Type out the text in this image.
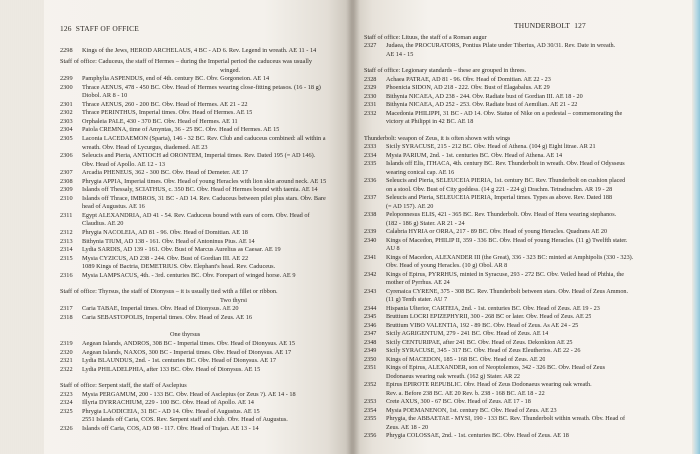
126 STAFF OF OFFICE
2298	Kings of the Jews, HEROD ARCHELAUS, 4 BC - AD 6. Rev. Legend in wreath. AE 11 - 14
Staff of office: Caduceus, the staff of Hermes – during the Imperial period the caduceus was usually
winged.
2299	Pamphylia ASPENDUS, end of 4th. century BC. Obv. Gorgoneion. AE 14
2300	Thrace AENUS, 478 - 450 BC. Obv. Head of Hermes wearing close-fitting petasos. (16 - 18 g)
Diobol. AR 8 - 10
2301	Thrace AENUS, 260 - 200 BC. Obv. Head of Hermes. AE 21 - 22
2302	Thrace PERINTHUS, Imperial times. Obv. Head of Hermes. AE 15
2303	Orphaleia PALE, 430 - 370 BC. Obv. Head of Hermes. AE 11
2304	Paiola CREMNA, time of Amyntas, 36 - 25 BC. Obv. Head of Hermes. AE 15
2305	Laconia LACEDAEMON (Sparta), 146 - 32 BC. Rev. Club and caduceus combined: all within a
wreath. Obv. Head of Lycurgus, diademed. AE 23
2306	Seleucis and Pieria, ANTIOCH ad ORONTEM, Imperial times. Rev. Dated 195 (= AD 146).
Obv. Head of Apollo. AE 12 - 13
2307	Arcadia PHENEUS, 362 - 300 BC. Obv. Head of Demeter. AE 17
2308	Phrygia APPIA, Imperial times. Obv. Head of young Heracles with lion skin around neck. AE 15
2309	Islands off Thessaly, SCIATHUS, c. 350 BC. Obv. Head of Hermes bound with taenia. AE 14
2310	Islands off Thrace, IMBROS, 31 BC - AD 14. Rev. Caduceus between pilei plus stars. Obv. Bare
head of Augustus. AE 16
2311	Egypt ALEXANDRIA, AD 41 - 54. Rev. Caduceus bound with ears of corn. Obv. Head of
Claudius. AE 20
2312	Phrygia NACOLEIA, AD 81 - 96. Obv. Head of Domitian. AE 18
2313	Bithynia TIUM, AD 138 - 161. Obv. Head of Antoninus Pius. AE 14
2314	Lydia SARDIS, AD 139 - 161. Obv. Bust of Marcus Aurelius as Caesar. AE 19
2315	Mysia CYZICUS, AD 238 - 244. Obv. Bust of Gordian III. AE 22
1089 Kings of Bactria, DEMETRIUS. Obv. Elephant's head. Rev. Caduceus.
2316	Mysia LAMPSACUS, 4th. - 3rd. centuries BC. Obv. Forepart of winged horse. AE 9
Staff of office: Thyrsus, the staff of Dionysus – it is usually tied with a fillet or ribbon.
Two thyrsi
2317	Caria TABAE, Imperial times. Obv. Head of Dionysus. AE 20
2318	Caria SEBASTOPOLIS, Imperial times. Obv. Head of Zeus. AE 16
One thyrsus
2319	Aegean Islands, ANDROS, 308 BC - Imperial times. Obv. Head of Dionysus. AE 15
2320	Aegean Islands, NAXOS, 300 BC - Imperial times. Obv. Head of Dionysus. AE 17
2321	Lydia BLAUNDUS, 2nd. - 1st. centuries BC. Obv. Head of Dionysus. AE 17
2322	Lydia PHILADELPHIA, after 133 BC. Obv. Head of Dionysus. AE 15
Staff of office: Serpent staff, the staff of Asclepius
2323	Mysia PERGAMUM, 200 - 133 BC. Obv. Head of Asclepius (or Zeus ?). AE 14 - 18
2324	Illyria DYRRACHIUM, 229 - 100 BC. Obv. Head of Apollo. AE 14
2325	Phrygia LAODICEIA, 31 BC - AD 14. Obv. Head of Augustus. AE 15
2551 Islands off Caria, COS. Rev. Serpent staff and club. Obv. Head of Augustus.
2326	Islands off Caria, COS, AD 98 - 117. Obv. Head of Trajan. AE 13 - 14
THUNDERBOLT 127
Staff of office: Lituus, the staff of a Roman augur
2327	Judaea, the PROCURATORS, Pontius Pilate under Tiberius, AD 30/31. Rev. Date in wreath.
AE 14 - 15
Staff of office: Legionary standards – these are grouped in threes.
2328	Achaea PATRAE, AD 81 - 96. Obv. Head of Domitian. AE 22 - 23
2329	Phoenicia SIDON, AD 218 - 222. Obv. Bust of Elagabalus. AE 29
2330	Bithynia NICAEA, AD 238 - 244. Obv. Radiate bust of Gordian III. AE 18 - 20
2331	Bithynia NICAEA, AD 252 - 253. Obv. Radiate bust of Aemilian. AE 21 - 22
2332	Macedonia PHILIPPI, 31 BC - AD 14. Obv. Statue of Nike on a pedestal – commemorating the
victory at Philippi in 42 BC. AE 18
Thunderbolt: weapon of Zeus, it is often shown with wings
2333	Sicily SYRACUSE, 215 - 212 BC. Obv. Head of Athena. (104 g) Eight litrae. AR 21
2334	Mysia PARIUM, 2nd. - 1st. centuries BC. Obv. Head of Athena. AE 14
2335	Islands off Elis, ITHACA, 4th. century BC. Rev. Thunderbolt in wreath. Obv. Head of Odysseus
wearing conical cap. AE 16
2336	Seleucis and Pieria, SELEUCEIA PIERIA, 1st. century BC. Rev. Thunderbolt on cushion placed
on a stool. Obv. Bust of City goddess. (14 g 221 - 224 g) Drachm. Tetradrachm. AR 19 - 28
2337	Seleucis and Pieria, SELEUCEIA PIERIA, Imperial times. Types as above. Rev. Dated 188
(= AD 157). AE 20
2338	Peloponnesus ELIS, 421 - 365 BC. Rev. Thunderbolt. Obv. Head of Hera wearing stephanos.
(182 - 186 g) Stater. AR 21 - 24
2339	Calabria HYRIA or ORRA, 217 - 89 BC. Obv. Head of young Heracles. Quadrans AE 20
2340	Kings of Macedon, PHILIP II, 359 - 336 BC. Obv. Head of young Heracles. (11 g) Twelfth stater.
AU 8
2341	Kings of Macedon, ALEXANDER III (the Great), 336 - 323 BC: minted at Amphipolis (330 - 323).
Obv. Head of young Heracles. (10 g) Obol. AR 8
2342	Kings of Epirus, PYRRHUS, minted in Syracuse, 293 - 272 BC. Obv. Veiled head of Phthia, the
mother of Pyrrhus. AE 24
2343	Cyrenaica CYRENE, 375 - 308 BC. Rev. Thunderbolt between stars. Obv. Head of Zeus Ammon.
(11 g) Tenth stater. AU 7
2344	Hispania Ulterior, CARTEIA, 2nd. - 1st. centuries BC. Obv. Head of Zeus. AE 19 - 23
2345	Bruttium LOCRI EPIZEPHYRII, 300 - 268 BC or later. Obv. Head of Zeus. AE 25
2346	Bruttium VIBO VALENTIA, 192 - 89 BC. Obv. Head of Zeus. As AE 24 - 25
2347	Sicily AGRIGENTUM, 279 - 241 BC. Obv. Head of Zeus. AE 14
2348	Sicily CENTURIPAE, after 241 BC. Obv. Head of Zeus. Dekonkion AE 25
2349	Sicily SYRACUSE, 345 - 317 BC. Obv. Head of Zeus Eleutherios. AE 22 - 26
2350	Kings of MACEDON, 185 - 168 BC. Obv. Head of Zeus. AE 20
2351	Kings of Epirus, ALEXANDER, son of Neoptolemos, 342 - 326 BC. Obv. Head of Zeus
Dodonaeus wearing oak wreath. (162 g) Stater. AR 22
2352	Epirus EPIROTE REPUBLIC. Obv. Head of Zeus Dodonaeus wearing oak wreath.
Rev. a. Before 238 BC. AE 20 Rev. b. 238 - 168 BC. AE 18 - 22
2353	Crete AXUS, 300 - 67 BC. Obv. Head of Zeus. AE 17 - 18
2354	Mysia POEMANENON, 1st. century BC. Obv. Head of Zeus. AE 23
2355	Phrygia, the ABBAETAE - MYSI, 190 - 133 BC. Rev. Thunderbolt within wreath. Obv. Head of
Zeus. AE 18 - 20
2356	Phrygia COLOSSAE, 2nd. - 1st. centuries BC. Obv. Head of Zeus. AE 18
